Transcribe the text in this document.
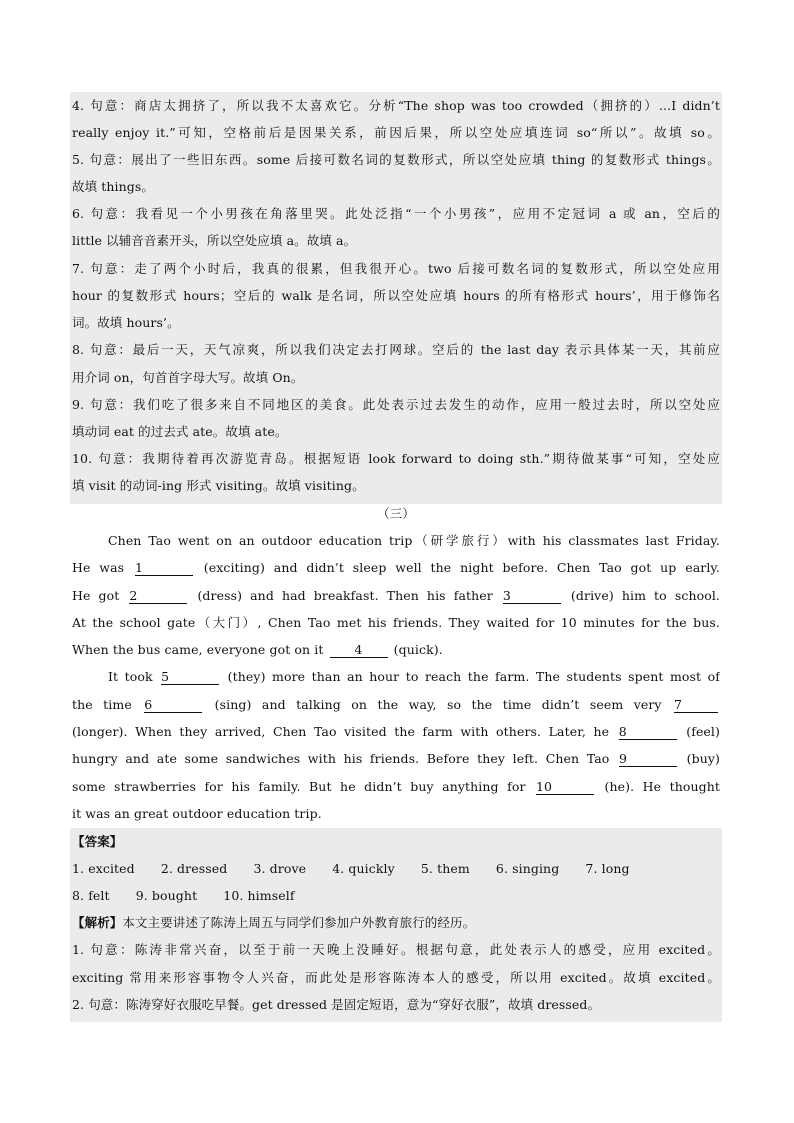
4. 句意：商店太拥挤了，所以我不太喜欢它。分析“The shop was too crowded（拥挤的）...I didn’t
really enjoy it.”可知，空格前后是因果关系，前因后果，所以空处应填连词 so“所以”。故填 so。
5. 句意：展出了一些旧东西。some 后接可数名词的复数形式，所以空处应填 thing 的复数形式 things。
故填 things。
6. 句意：我看见一个小男孩在角落里哭。此处泛指“一个小男孩”，应用不定冠词 a 或 an，空后的
little 以辅音音素开头，所以空处应填 a。故填 a。
7. 句意：走了两个小时后，我真的很累，但我很开心。two 后接可数名词的复数形式，所以空处应用
hour 的复数形式 hours；空后的 walk 是名词，所以空处应填 hours 的所有格形式 hours’，用于修饰名
词。故填 hours’。
8. 句意：最后一天，天气凉爽，所以我们决定去打网球。空后的 the last day 表示具体某一天，其前应
用介词 on，句首首字母大写。故填 On。
9. 句意：我们吃了很多来自不同地区的美食。此处表示过去发生的动作，应用一般过去时，所以空处应
填动词 eat 的过去式 ate。故填 ate。
10. 句意：我期待着再次游览青岛。根据短语 look forward to doing sth.”期待做某事“可知，空处应
填 visit 的动词-ing 形式 visiting。故填 visiting。
（三）
Chen Tao went on an outdoor education trip（研学旅行）with his classmates last Friday.
He was 1	(exciting) and didn’t sleep well the night before. Chen Tao got up early.
He got 2	(dress) and had breakfast. Then his father 3	(drive) him to school.
At the school gate（大门）, Chen Tao met his friends. They waited for 10 minutes for the bus.
When the bus came, everyone got on it 4 (quick).
It took 5	(they) more than an hour to reach the farm. The students spent most of
the time 6	(sing) and talking on the way, so the time didn’t seem very 7
(longer). When they arrived, Chen Tao visited the farm with others. Later, he 8	(feel)
hungry and ate some sandwiches with his friends. Before they left. Chen Tao 9	(buy)
some strawberries for his family. But he didn’t buy anything for 10	(he). He thought
it was an great outdoor education trip.
【答案】
1. excited 2. dressed 3. drove 4. quickly 5. them 6. singing 7. long
8. felt 9. bought 10. himself
【解析】本文主要讲述了陈涛上周五与同学们参加户外教育旅行的经历。
1. 句意：陈涛非常兴奋，以至于前一天晚上没睡好。根据句意，此处表示人的感受，应用 excited。
exciting 常用来形容事物令人兴奋，而此处是形容陈涛本人的感受，所以用 excited。故填 excited。
2. 句意：陈涛穿好衣服吃早餐。get dressed 是固定短语，意为“穿好衣服”，故填 dressed。
